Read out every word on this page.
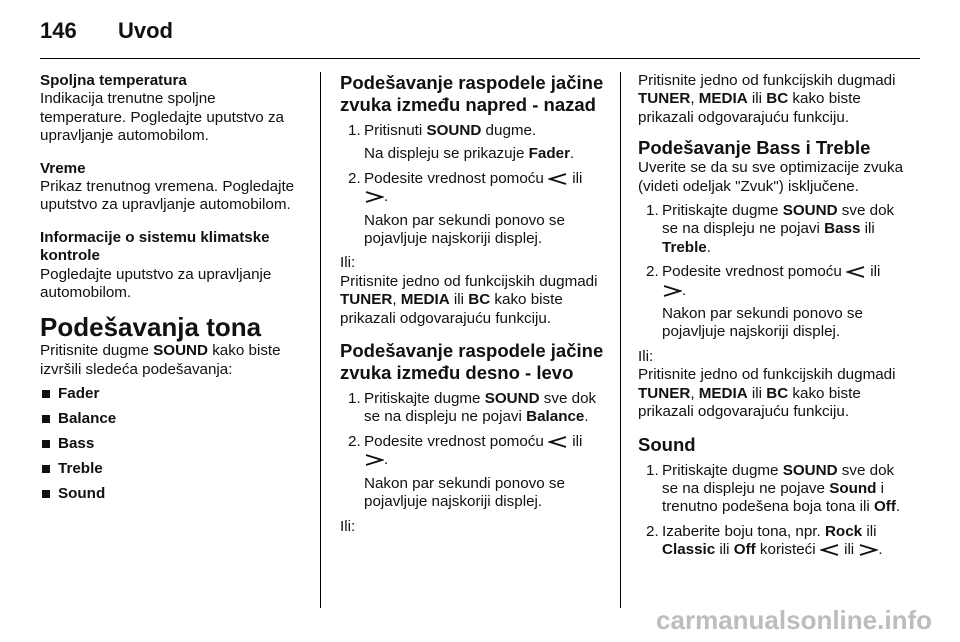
146 Uvod

Spoljna temperatura

Indikacija trenutne spoljne temperature. Pogledajte uputstvo za upravljanje automobilom.

Vreme

Prikaz trenutnog vremena. Pogledajte uputstvo za upravljanje automobilom.

Informacije o sistemu klimatske kontrole

Pogledajte uputstvo za upravljanje automobilom.

Podešavanja tona

Pritisnite dugme SOUND kako biste izvršili sledeća podešavanja:

Fader
Balance
Bass
Treble
Sound
Podešavanje raspodele jačine zvuka između napred - nazad
1. Pritisnuti SOUND dugme.
Na displeju se prikazuje Fader.
2. Podesite vrednost pomoću  ili
.
Nakon par sekundi ponovo se pojavljuje najskoriji displej.

Ili:

Pritisnite jedno od funkcijskih dugmadi TUNER, MEDIA ili BC kako biste prikazali odgovarajuću funkciju.

Podešavanje raspodele jačine zvuka između desno - levo
1. Pritiskajte dugme SOUND sve dok se na displeju ne pojavi Balance.
2. Podesite vrednost pomoću  ili
.
Nakon par sekundi ponovo se pojavljuje najskoriji displej.

Ili:

Pritisnite jedno od funkcijskih dugmadi TUNER, MEDIA ili BC kako biste prikazali odgovarajuću funkciju.

Podešavanje Bass i Treble

Uverite se da su sve optimizacije zvuka (videti odeljak "Zvuk") isključene.

1. Pritiskajte dugme SOUND sve dok se na displeju ne pojavi Bass ili Treble.
2. Podesite vrednost pomoću  ili
.
Nakon par sekundi ponovo se pojavljuje najskoriji displej.

Ili:

Pritisnite jedno od funkcijskih dugmadi TUNER, MEDIA ili BC kako biste prikazali odgovarajuću funkciju.

Sound
1. Pritiskajte dugme SOUND sve dok se na displeju ne pojave Sound i trenutno podešena boja tona ili Off.
2. Izaberite boju tona, npr. Rock ili Classic ili Off koristeći  ili .
carmanualsonline.info
